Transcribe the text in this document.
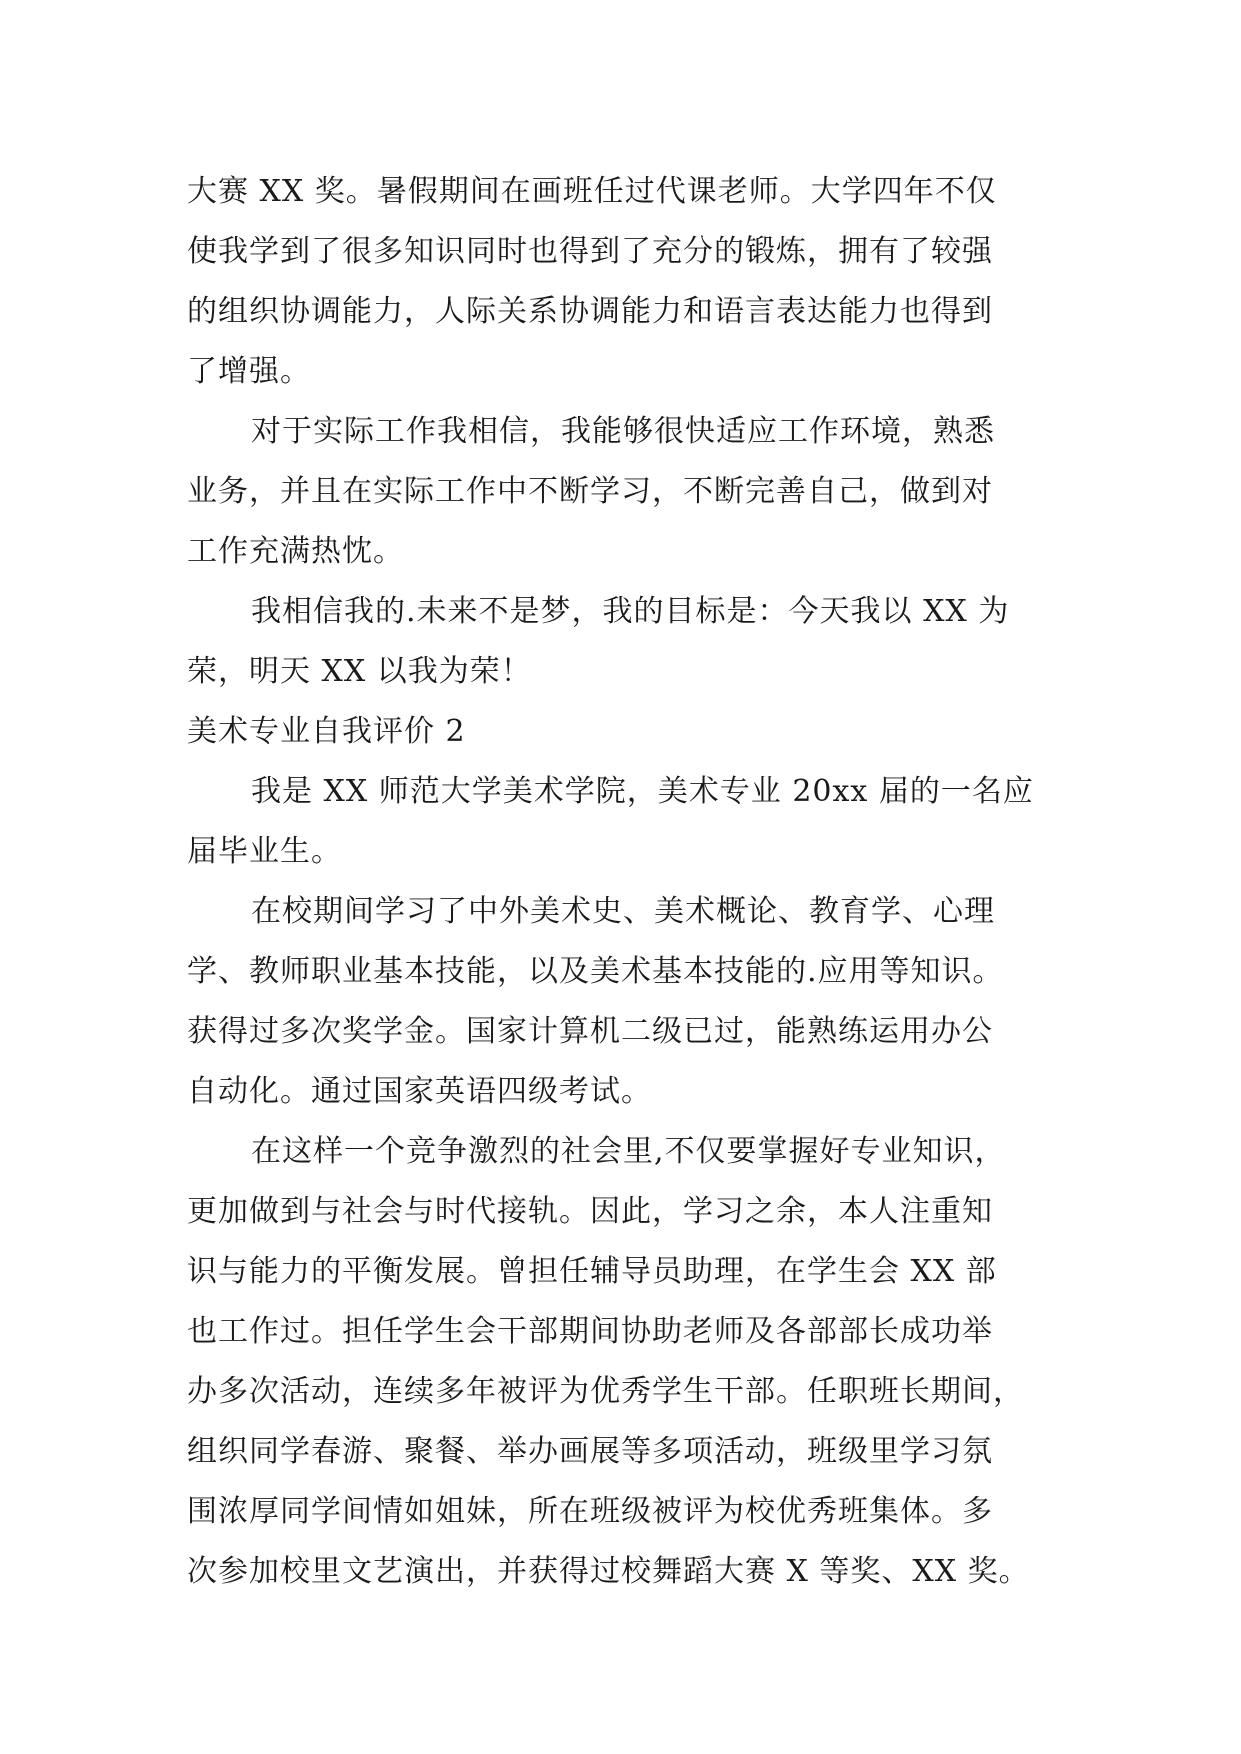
大赛 XX 奖。暑假期间在画班任过代课老师。大学四年不仅
使我学到了很多知识同时也得到了充分的锻炼，拥有了较强
的组织协调能力，人际关系协调能力和语言表达能力也得到
了增强。
对于实际工作我相信，我能够很快适应工作环境，熟悉
业务，并且在实际工作中不断学习，不断完善自己，做到对
工作充满热忱。
我相信我的.未来不是梦，我的目标是：今天我以 XX 为
荣，明天 XX 以我为荣！
美术专业自我评价 2
我是 XX 师范大学美术学院，美术专业 20xx 届的一名应
届毕业生。
在校期间学习了中外美术史、美术概论、教育学、心理
学、教师职业基本技能，以及美术基本技能的.应用等知识。
获得过多次奖学金。国家计算机二级已过，能熟练运用办公
自动化。通过国家英语四级考试。
在这样一个竞争激烈的社会里,不仅要掌握好专业知识，
更加做到与社会与时代接轨。因此，学习之余，本人注重知
识与能力的平衡发展。曾担任辅导员助理，在学生会 XX 部
也工作过。担任学生会干部期间协助老师及各部部长成功举
办多次活动，连续多年被评为优秀学生干部。任职班长期间，
组织同学春游、聚餐、举办画展等多项活动，班级里学习氛
围浓厚同学间情如姐妹，所在班级被评为校优秀班集体。多
次参加校里文艺演出，并获得过校舞蹈大赛 X 等奖、XX 奖。
